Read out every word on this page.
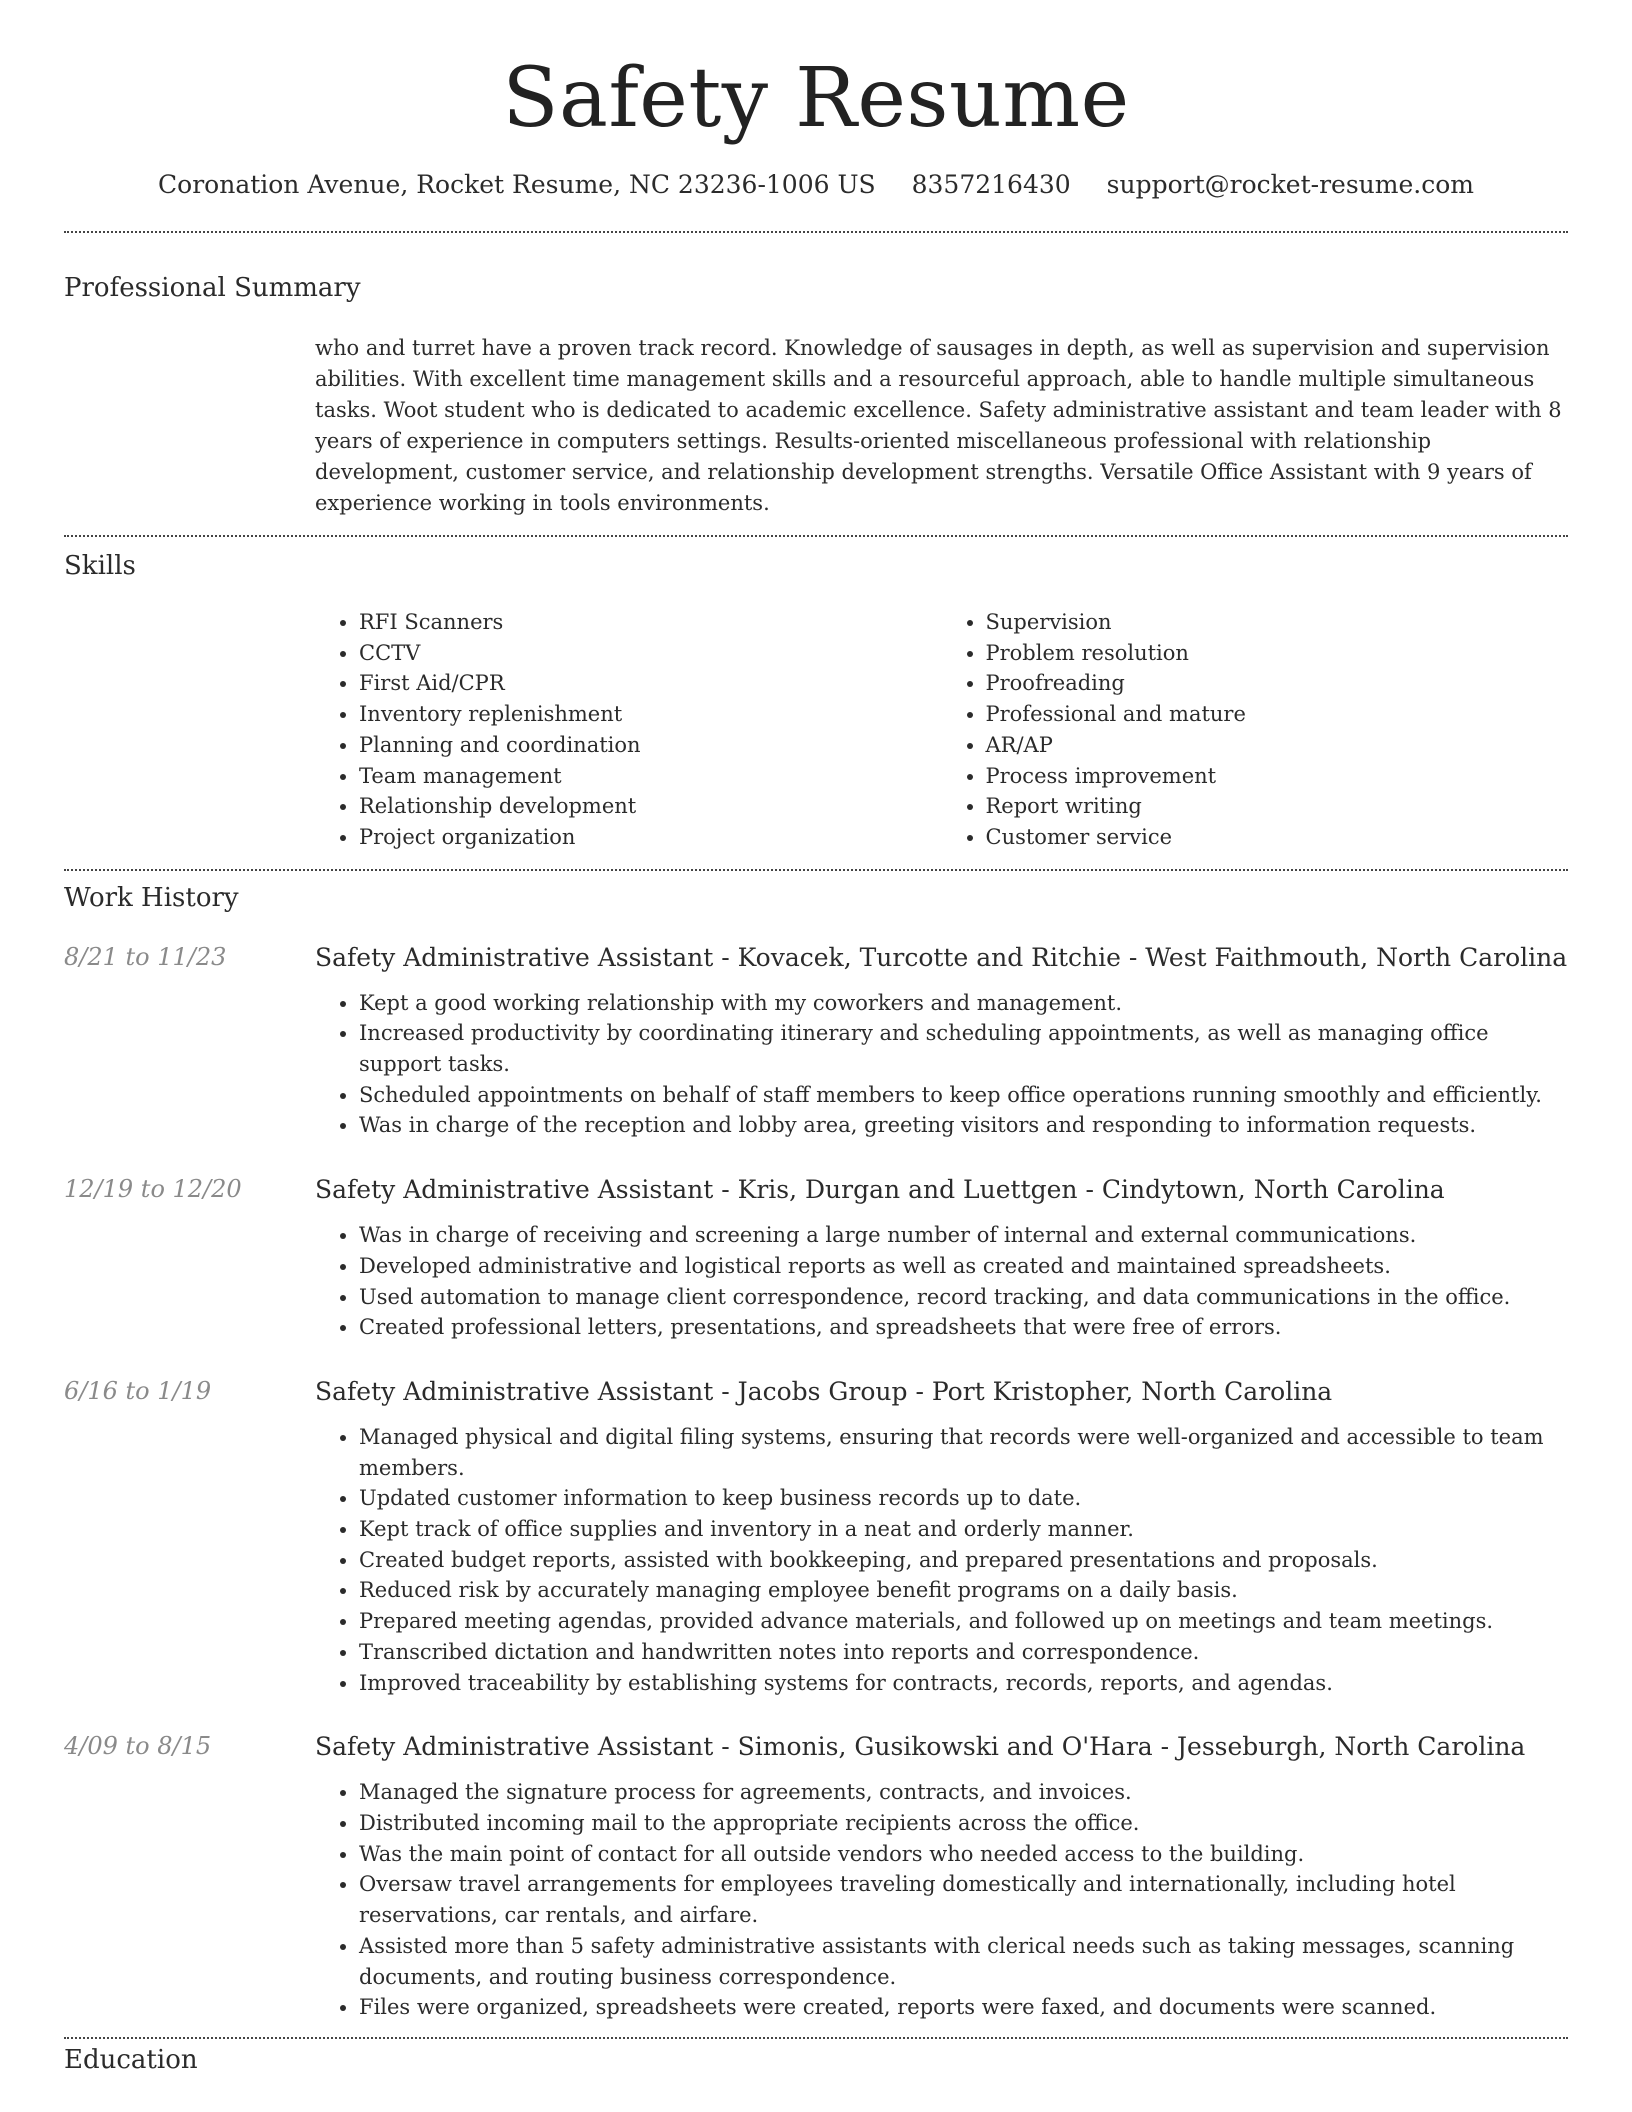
Safety Resume
Coronation Avenue, Rocket Resume, NC 23236-1006 US 8357216430 support@rocket-resume.com
Professional Summary

who and turret have a proven track record. Knowledge of sausages in depth, as well as supervision and supervision abilities. With excellent time management skills and a resourceful approach, able to handle multiple simultaneous tasks. Woot student who is dedicated to academic excellence. Safety administrative assistant and team leader with 8 years of experience in computers settings. Results-oriented miscellaneous professional with relationship development, customer service, and relationship development strengths. Versatile Office Assistant with 9 years of experience working in tools environments.

Skills
• RFI Scanners
• CCTV
• First Aid/CPR
• Inventory replenishment
• Planning and coordination
• Team management
• Relationship development
• Project organization
• Supervision
• Problem resolution
• Proofreading
• Professional and mature
• AR/AP
• Process improvement
• Report writing
• Customer service
Work History
8/21 to 11/23	Safety Administrative Assistant - Kovacek, Turcotte and Ritchie - West Faithmouth, North Carolina
• Kept a good working relationship with my coworkers and management.
• Increased productivity by coordinating itinerary and scheduling appointments, as well as managing office support tasks.
• Scheduled appointments on behalf of staff members to keep office operations running smoothly and efficiently.
• Was in charge of the reception and lobby area, greeting visitors and responding to information requests.
12/19 to 12/20	Safety Administrative Assistant - Kris, Durgan and Luettgen - Cindytown, North Carolina
• Was in charge of receiving and screening a large number of internal and external communications.
• Developed administrative and logistical reports as well as created and maintained spreadsheets.
• Used automation to manage client correspondence, record tracking, and data communications in the office.
• Created professional letters, presentations, and spreadsheets that were free of errors.
6/16 to 1/19	Safety Administrative Assistant - Jacobs Group - Port Kristopher, North Carolina
• Managed physical and digital filing systems, ensuring that records were well-organized and accessible to team members.
• Updated customer information to keep business records up to date.
• Kept track of office supplies and inventory in a neat and orderly manner.
• Created budget reports, assisted with bookkeeping, and prepared presentations and proposals.
• Reduced risk by accurately managing employee benefit programs on a daily basis.
• Prepared meeting agendas, provided advance materials, and followed up on meetings and team meetings.
• Transcribed dictation and handwritten notes into reports and correspondence.
• Improved traceability by establishing systems for contracts, records, reports, and agendas.
4/09 to 8/15	Safety Administrative Assistant - Simonis, Gusikowski and O'Hara - Jesseburgh, North Carolina
• Managed the signature process for agreements, contracts, and invoices.
• Distributed incoming mail to the appropriate recipients across the office.
• Was the main point of contact for all outside vendors who needed access to the building.
• Oversaw travel arrangements for employees traveling domestically and internationally, including hotel reservations, car rentals, and airfare.
• Assisted more than 5 safety administrative assistants with clerical needs such as taking messages, scanning documents, and routing business correspondence.
• Files were organized, spreadsheets were created, reports were faxed, and documents were scanned.
Education
